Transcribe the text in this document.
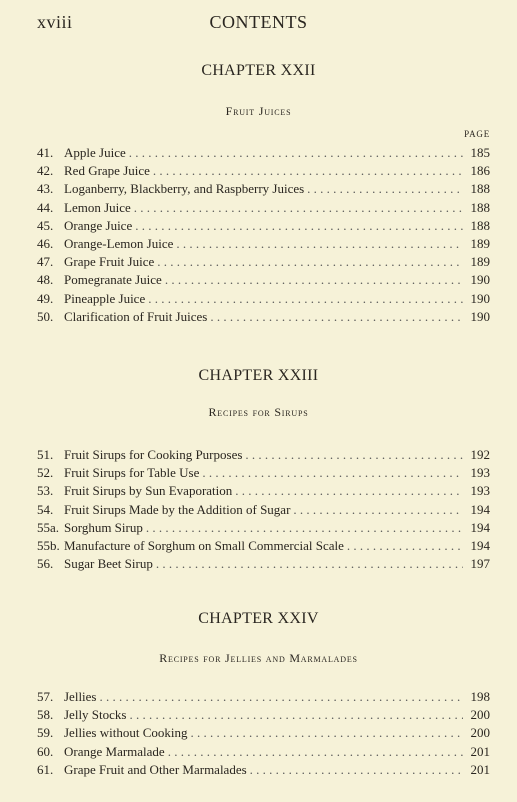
xviii	CONTENTS
CHAPTER XXII
Fruit Juices
PAGE
41. Apple Juice . . .	185
42. Red Grape Juice . . .	186
43. Loganberry, Blackberry, and Raspberry Juices . . .	188
44. Lemon Juice . . .	188
45. Orange Juice . . .	188
46. Orange-Lemon Juice . . .	189
47. Grape Fruit Juice . . .	189
48. Pomegranate Juice . . .	190
49. Pineapple Juice . . .	190
50. Clarification of Fruit Juices . . .	190
CHAPTER XXIII
Recipes for Sirups
51. Fruit Sirups for Cooking Purposes . . .	192
52. Fruit Sirups for Table Use . . .	193
53. Fruit Sirups by Sun Evaporation . . .	193
54. Fruit Sirups Made by the Addition of Sugar . . .	194
55a. Sorghum Sirup . . .	194
55b. Manufacture of Sorghum on Small Commercial Scale . . .	194
56. Sugar Beet Sirup . . .	197
CHAPTER XXIV
Recipes for Jellies and Marmalades
57. Jellies . . .	198
58. Jelly Stocks . . .	200
59. Jellies without Cooking . . .	200
60. Orange Marmalade . . .	201
61. Grape Fruit and Other Marmalades . . .	201
